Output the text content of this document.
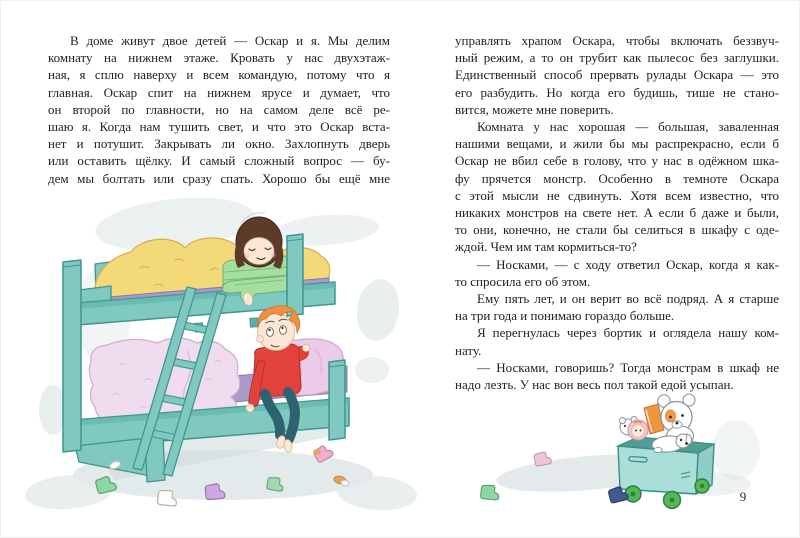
В доме живут двое детей — Оскар и я. Мы делим
комнату на нижнем этаже. Кровать у нас двухэтаж-
ная, я сплю наверху и всем командую, потому что я
главная. Оскар спит на нижнем ярусе и думает, что
он второй по главности, но на самом деле всё ре-
шаю я. Когда нам тушить свет, и что это Оскар вста-
нет и потушит. Закрывать ли окно. Захлопнуть дверь
или оставить щёлку. И самый сложный вопрос — бу-
дем мы болтать или сразу спать. Хорошо бы ещё мне
управлять храпом Оскара, чтобы включать беззвуч-
ный режим, а то он трубит как пылесос без заглушки.
Единственный способ прервать рулады Оскара — это
его разбудить. Но когда его будишь, тише не стано-
вится, можете мне поверить.
Комната у нас хорошая — большая, заваленная
нашими вещами, и жили бы мы распрекрасно, если б
Оскар не вбил себе в голову, что у нас в одёжном шка-
фу прячется монстр. Особенно в темноте Оскара
с этой мысли не сдвинуть. Хотя всем известно, что
никаких монстров на свете нет. А если б даже и были,
то они, конечно, не стали бы селиться в шкафу с оде-
ждой. Чем им там кормиться-то?
— Носками, — с ходу ответил Оскар, когда я как-
то спросила его об этом.
Ему пять лет, и он верит во всё подряд. А я старше
на три года и понимаю гораздо больше.
Я перегнулась через бортик и оглядела нашу ком-
нату.
— Носками, говоришь? Тогда монстрам в шкаф не
надо лезть. У нас вон весь пол такой едой усыпан.
9
